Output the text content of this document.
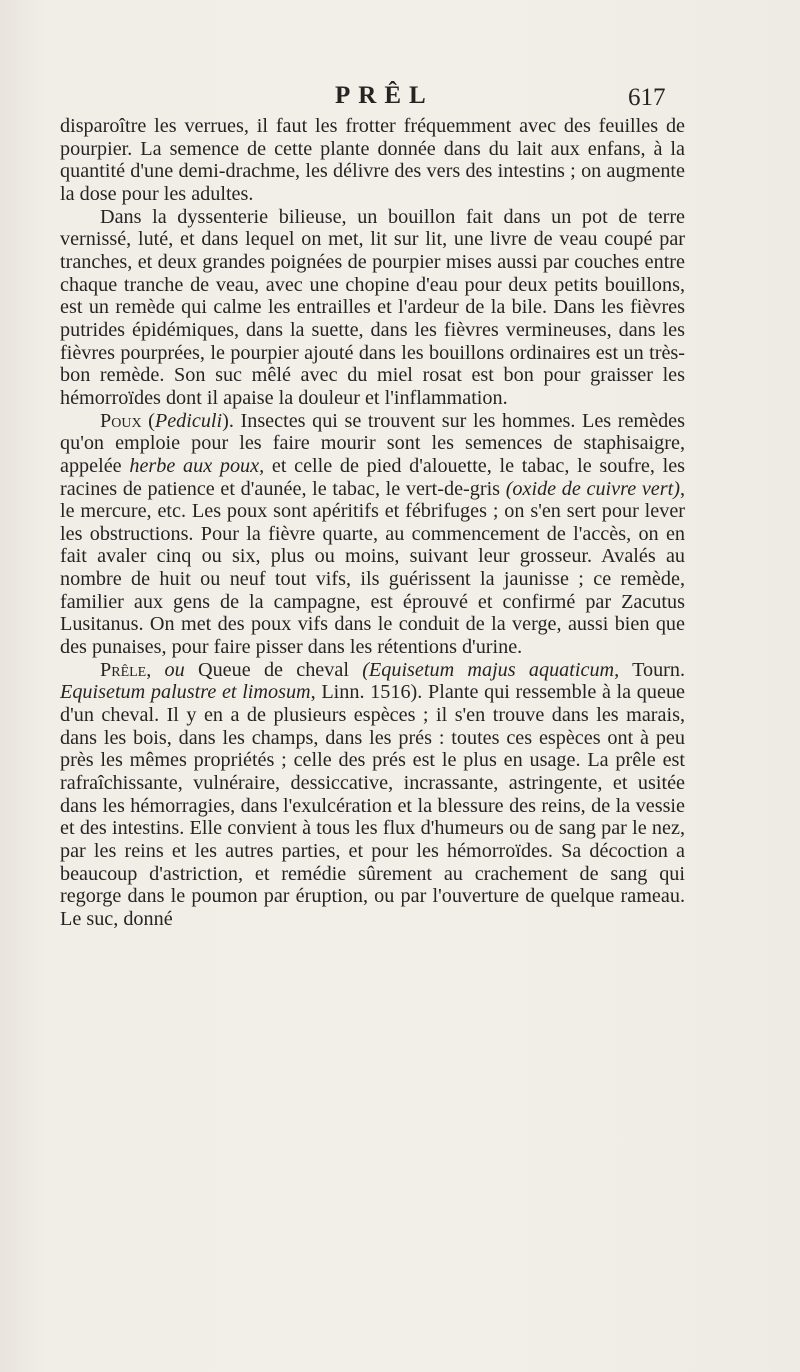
PRÊL	617

disparoître les verrues, il faut les frotter fréquemment avec des feuilles de pourpier. La semence de cette plante donnée dans du lait aux enfans, à la quantité d'une demi-drachme, les délivre des vers des intestins ; on augmente la dose pour les adultes.

Dans la dyssenterie bilieuse, un bouillon fait dans un pot de terre vernissé, luté, et dans lequel on met, lit sur lit, une livre de veau coupé par tranches, et deux grandes poignées de pourpier mises aussi par couches entre chaque tranche de veau, avec une chopine d'eau pour deux petits bouillons, est un remède qui calme les entrailles et l'ardeur de la bile. Dans les fièvres putrides épidémiques, dans la suette, dans les fièvres vermineuses, dans les fièvres pourprées, le pourpier ajouté dans les bouillons ordinaires est un très-bon remède. Son suc mêlé avec du miel rosat est bon pour graisser les hémorroïdes dont il apaise la douleur et l'inflammation.

Poux (Pediculi). Insectes qui se trouvent sur les hommes. Les remèdes qu'on emploie pour les faire mourir sont les semences de staphisaigre, appelée herbe aux poux, et celle de pied d'alouette, le tabac, le soufre, les racines de patience et d'aunée, le tabac, le vert-de-gris (oxide de cuivre vert), le mercure, etc. Les poux sont apéritifs et fébrifuges ; on s'en sert pour lever les obstructions. Pour la fièvre quarte, au commencement de l'accès, on en fait avaler cinq ou six, plus ou moins, suivant leur grosseur. Avalés au nombre de huit ou neuf tout vifs, ils guérissent la jaunisse ; ce remède, familier aux gens de la campagne, est éprouvé et confirmé par Zacutus Lusitanus. On met des poux vifs dans le conduit de la verge, aussi bien que des punaises, pour faire pisser dans les rétentions d'urine.

Prêle, ou Queue de cheval (Equisetum majus aquaticum, Tourn. Equisetum palustre et limosum, Linn. 1516). Plante qui ressemble à la queue d'un cheval. Il y en a de plusieurs espèces ; il s'en trouve dans les marais, dans les bois, dans les champs, dans les prés : toutes ces espèces ont à peu près les mêmes propriétés ; celle des prés est le plus en usage. La prêle est rafraîchissante, vulnéraire, dessiccative, incrassante, astringente, et usitée dans les hémorragies, dans l'exulcération et la blessure des reins, de la vessie et des intestins. Elle convient à tous les flux d'humeurs ou de sang par le nez, par les reins et les autres parties, et pour les hémorroïdes. Sa décoction a beaucoup d'astriction, et remédie sûrement au crachement de sang qui regorge dans le poumon par éruption, ou par l'ouverture de quelque rameau. Le suc, donné
